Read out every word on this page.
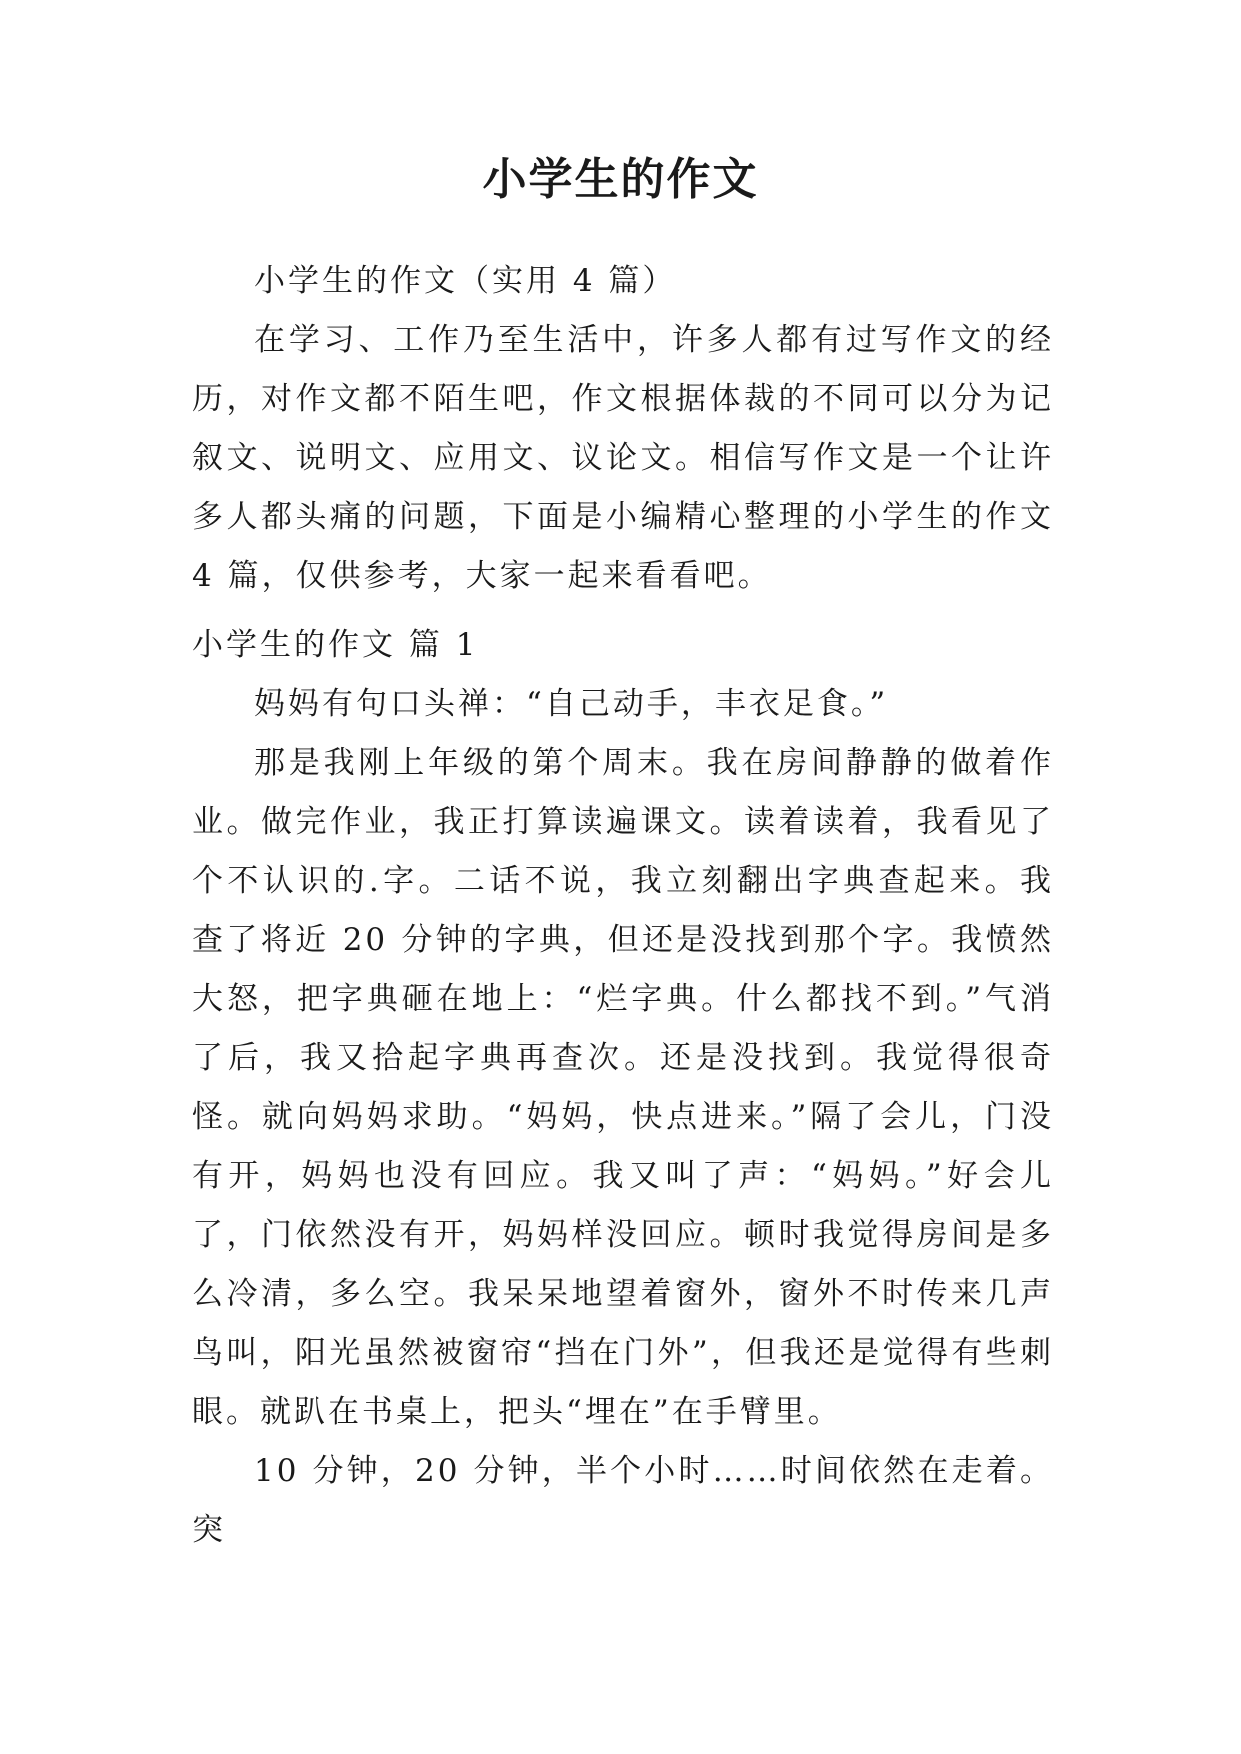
小学生的作文

小学生的作文（实用 4 篇）

在学习、工作乃至生活中，许多人都有过写作文的经历，对作文都不陌生吧，作文根据体裁的不同可以分为记叙文、说明文、应用文、议论文。相信写作文是一个让许多人都头痛的问题，下面是小编精心整理的小学生的作文 4 篇，仅供参考，大家一起来看看吧。

小学生的作文 篇 1

妈妈有句口头禅：“自己动手，丰衣足食。”

那是我刚上年级的第个周末。我在房间静静的做着作业。做完作业，我正打算读遍课文。读着读着，我看见了个不认识的.字。二话不说，我立刻翻出字典查起来。我查了将近 20 分钟的字典，但还是没找到那个字。我愤然大怒，把字典砸在地上：“烂字典。什么都找不到。”气消了后，我又拾起字典再查次。还是没找到。我觉得很奇怪。就向妈妈求助。“妈妈，快点进来。”隔了会儿，门没有开，妈妈也没有回应。我又叫了声：“妈妈。”好会儿了，门依然没有开，妈妈样没回应。顿时我觉得房间是多么冷清，多么空。我呆呆地望着窗外，窗外不时传来几声鸟叫，阳光虽然被窗帘“挡在门外”，但我还是觉得有些刺眼。就趴在书桌上，把头“埋在”在手臂里。

10 分钟，20 分钟，半个小时……时间依然在走着。突
